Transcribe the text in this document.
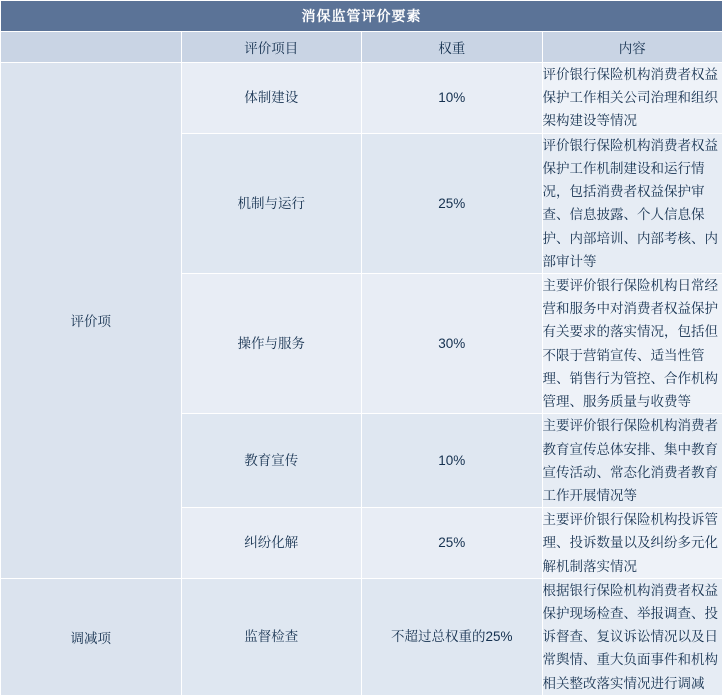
消保监管评价要素			
	评价项目	权重	内容
评价项	体制建设	10%	评价银行保险机构消费者权益保护工作相关公司治理和组织架构建设等情况
	机制与运行	25%	评价银行保险机构消费者权益保护工作机制建设和运行情况，包括消费者权益保护审查、信息披露、个人信息保护、内部培训、内部考核、内部审计等
	操作与服务	30%	主要评价银行保险机构日常经营和服务中对消费者权益保护有关要求的落实情况，包括但不限于营销宣传、适当性管理、销售行为管控、合作机构管理、服务质量与收费等
	教育宣传	10%	主要评价银行保险机构消费者教育宣传总体安排、集中教育宣传活动、常态化消费者教育工作开展情况等
	纠纷化解	25%	主要评价银行保险机构投诉管理、投诉数量以及纠纷多元化解机制落实情况
调减项	监督检查	不超过总权重的25%	根据银行保险机构消费者权益保护现场检查、举报调查、投诉督查、复议诉讼情况以及日常舆情、重大负面事件和机构相关整改落实情况进行调减
